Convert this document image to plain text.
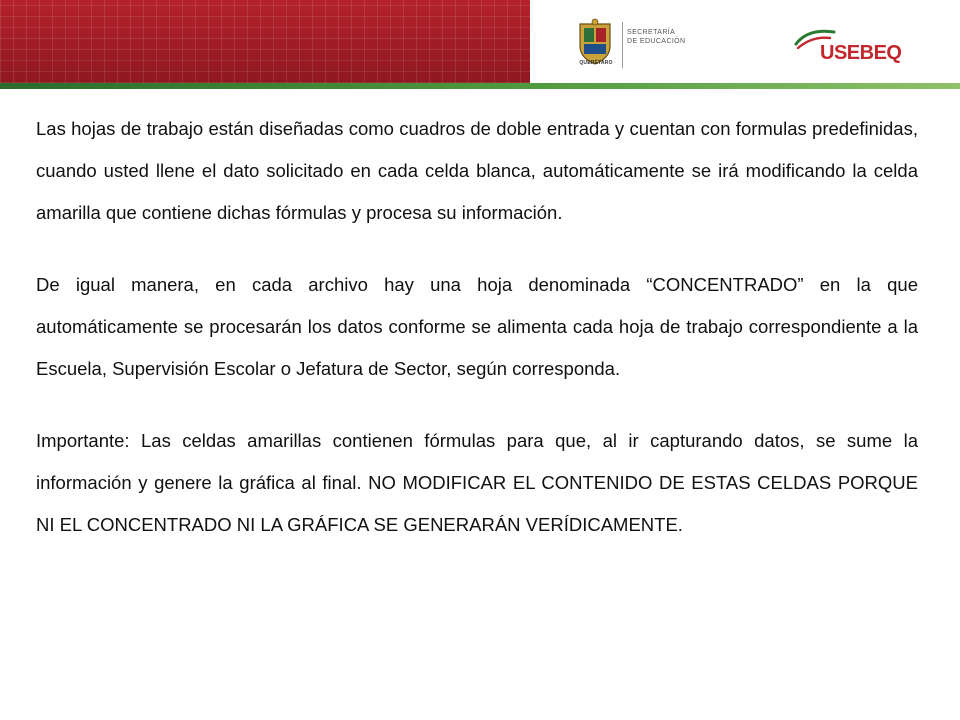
QUERÉTARO
SECRETARÍA
DE EDUCACIÓN
USEBEQ

Las hojas de trabajo están diseñadas como cuadros de doble entrada y cuentan con formulas predefinidas, cuando usted llene el dato solicitado en cada celda blanca, automáticamente se irá modificando la celda amarilla que contiene dichas fórmulas y procesa su información.

De igual manera, en cada archivo hay una hoja denominada “CONCENTRADO” en la que automáticamente se procesarán los datos conforme se alimenta cada hoja de trabajo correspondiente a la Escuela, Supervisión Escolar o Jefatura de Sector, según corresponda.

Importante: Las celdas amarillas contienen fórmulas para que, al ir capturando datos, se sume la información y genere la gráfica al final. NO MODIFICAR EL CONTENIDO DE ESTAS CELDAS PORQUE NI EL CONCENTRADO NI LA GRÁFICA SE GENERARÁN VERÍDICAMENTE.
